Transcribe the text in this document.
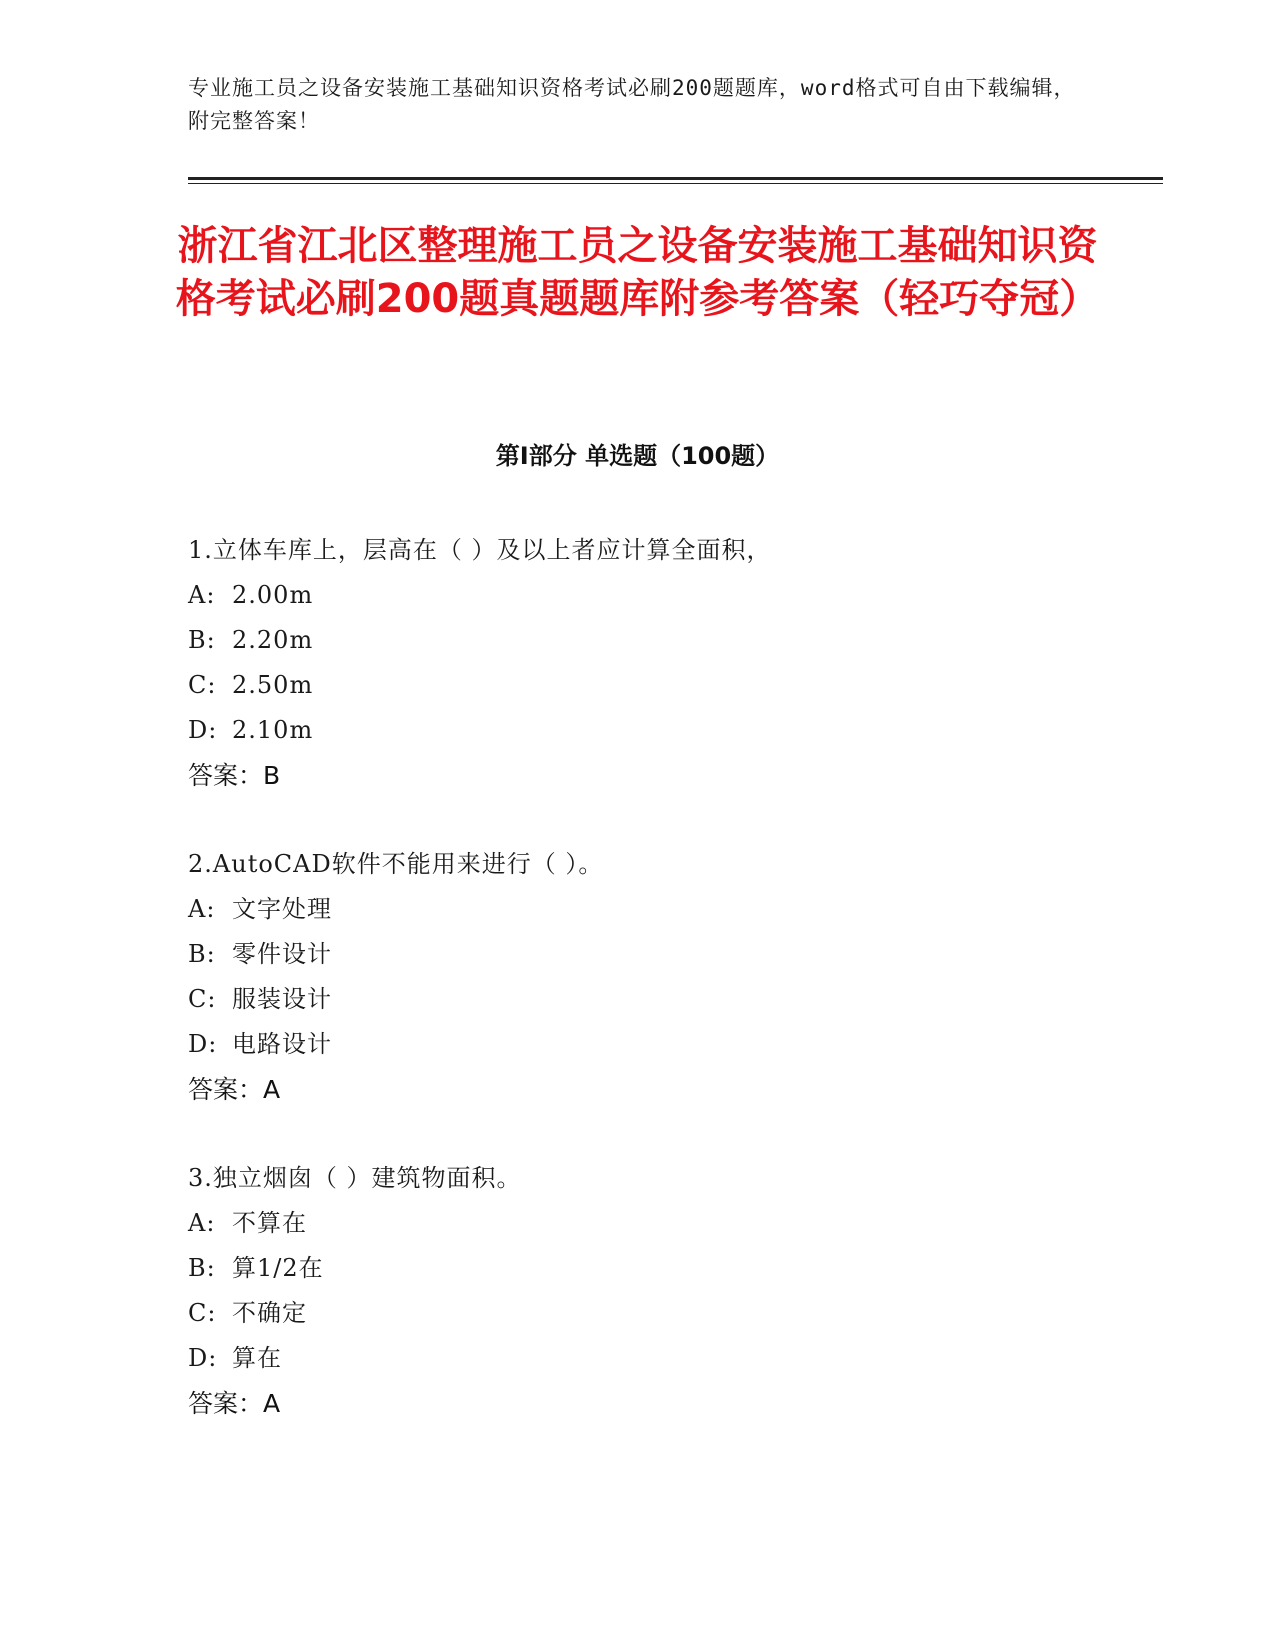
专业施工员之设备安装施工基础知识资格考试必刷200题题库，word格式可自由下载编辑，附完整答案！
浙江省江北区整理施工员之设备安装施工基础知识资格考试必刷200题真题题库附参考答案（轻巧夺冠）
第Ⅰ部分 单选题（100题）
1.立体车库上，层高在（ ）及以上者应计算全面积，
A: 2.00m
B: 2.20m
C: 2.50m
D: 2.10m
答案：B
2.AutoCAD软件不能用来进行（ ）。
A: 文字处理
B: 零件设计
C: 服装设计
D: 电路设计
答案：A
3.独立烟囱（ ）建筑物面积。
A: 不算在
B: 算1/2在
C: 不确定
D: 算在
答案：A
